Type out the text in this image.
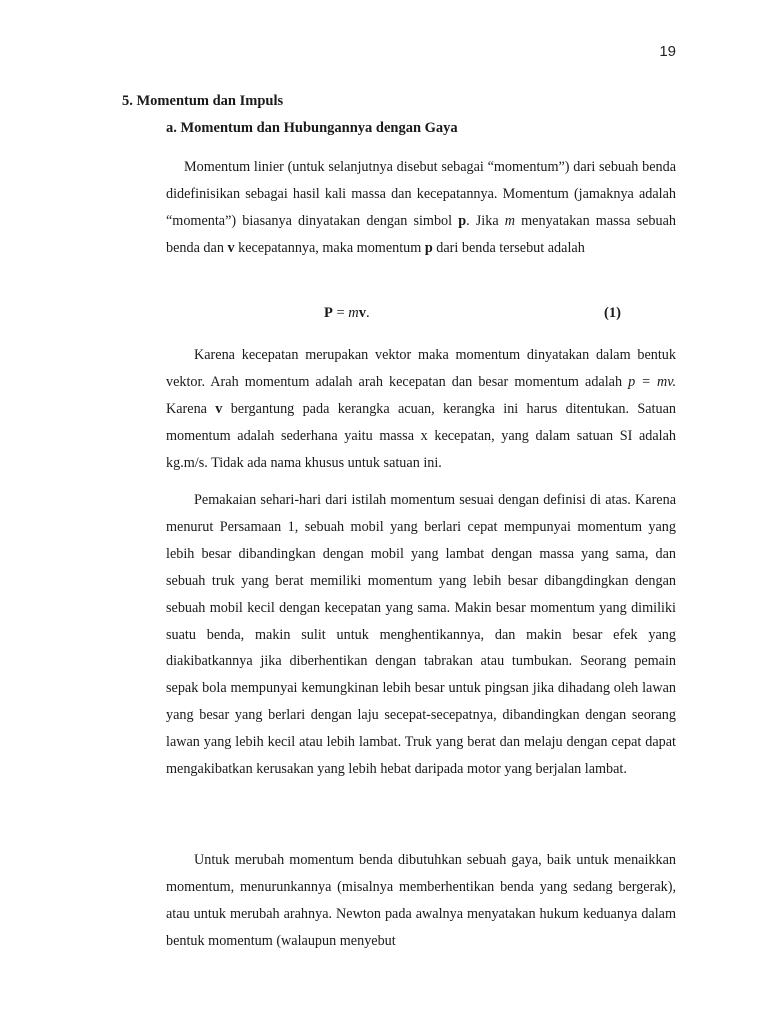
19
5. Momentum dan Impuls
a. Momentum dan Hubungannya dengan Gaya

Momentum linier (untuk selanjutnya disebut sebagai “momentum”) dari sebuah benda didefinisikan sebagai hasil kali massa dan kecepatannya. Momentum (jamaknya adalah “momenta”) biasanya dinyatakan dengan simbol p. Jika m menyatakan massa sebuah benda dan v kecepatannya, maka momentum p dari benda tersebut adalah

P = mv.	(1)

Karena kecepatan merupakan vektor maka momentum dinyatakan dalam bentuk vektor. Arah momentum adalah arah kecepatan dan besar momentum adalah p = mv. Karena v bergantung pada kerangka acuan, kerangka ini harus ditentukan. Satuan momentum adalah sederhana yaitu massa x kecepatan, yang dalam satuan SI adalah kg.m/s. Tidak ada nama khusus untuk satuan ini.

Pemakaian sehari-hari dari istilah momentum sesuai dengan definisi di atas. Karena menurut Persamaan 1, sebuah mobil yang berlari cepat mempunyai momentum yang lebih besar dibandingkan dengan mobil yang lambat dengan massa yang sama, dan sebuah truk yang berat memiliki momentum yang lebih besar dibangdingkan dengan sebuah mobil kecil dengan kecepatan yang sama. Makin besar momentum yang dimiliki suatu benda, makin sulit untuk menghentikannya, dan makin besar efek yang diakibatkannya jika diberhentikan dengan tabrakan atau tumbukan. Seorang pemain sepak bola mempunyai kemungkinan lebih besar untuk pingsan jika dihadang oleh lawan yang besar yang berlari dengan laju secepat-secepatnya, dibandingkan dengan seorang lawan yang lebih kecil atau lebih lambat. Truk yang berat dan melaju dengan cepat dapat mengakibatkan kerusakan yang lebih hebat daripada motor yang berjalan lambat.

Untuk merubah momentum benda dibutuhkan sebuah gaya, baik untuk menaikkan momentum, menurunkannya (misalnya memberhentikan benda yang sedang bergerak), atau untuk merubah arahnya. Newton pada awalnya menyatakan hukum keduanya dalam bentuk momentum (walaupun menyebut
